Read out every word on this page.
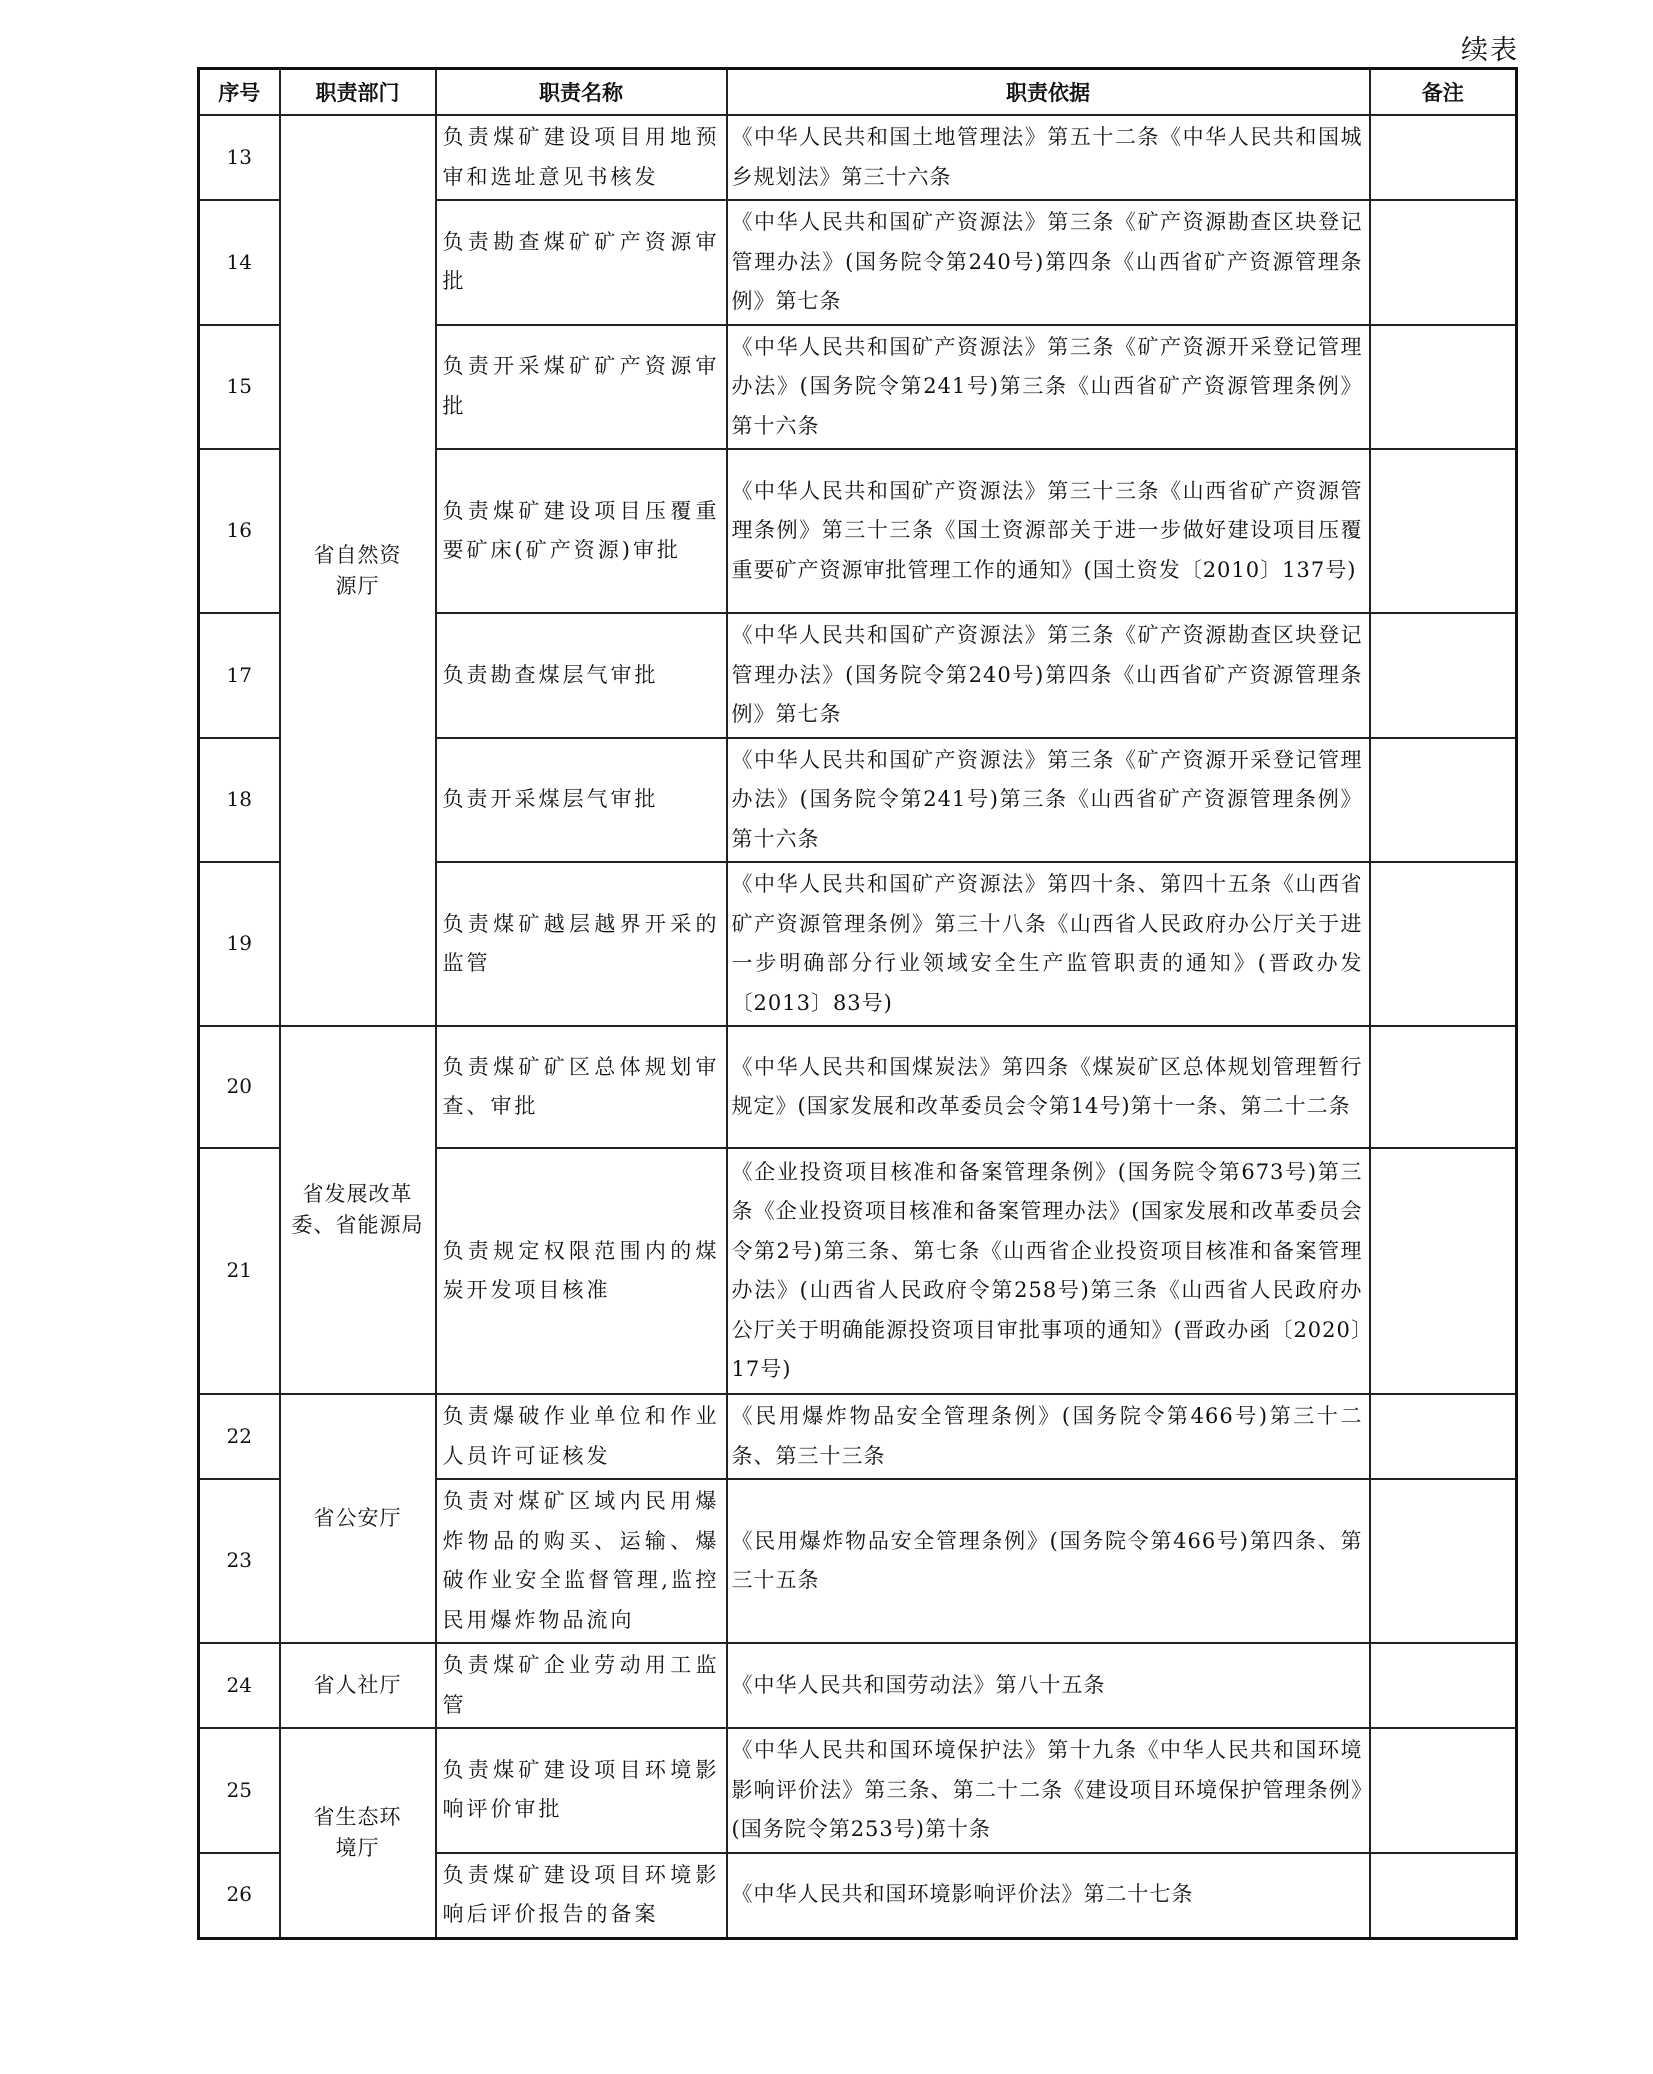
续表
序号	职责部门	职责名称	职责依据	备注
13	省自然资源厅	负责煤矿建设项目用地预审和选址意见书核发	《中华人民共和国土地管理法》第五十二条《中华人民共和国城乡规划法》第三十六条	
14		负责勘查煤矿矿产资源审批	《中华人民共和国矿产资源法》第三条《矿产资源勘查区块登记管理办法》(国务院令第240号)第四条《山西省矿产资源管理条例》第七条	
15		负责开采煤矿矿产资源审批	《中华人民共和国矿产资源法》第三条《矿产资源开采登记管理办法》(国务院令第241号)第三条《山西省矿产资源管理条例》第十六条	
16		负责煤矿建设项目压覆重要矿床(矿产资源)审批	《中华人民共和国矿产资源法》第三十三条《山西省矿产资源管理条例》第三十三条《国土资源部关于进一步做好建设项目压覆重要矿产资源审批管理工作的通知》(国土资发〔2010〕137号)	
17		负责勘查煤层气审批	《中华人民共和国矿产资源法》第三条《矿产资源勘查区块登记管理办法》(国务院令第240号)第四条《山西省矿产资源管理条例》第七条	
18		负责开采煤层气审批	《中华人民共和国矿产资源法》第三条《矿产资源开采登记管理办法》(国务院令第241号)第三条《山西省矿产资源管理条例》第十六条	
19		负责煤矿越层越界开采的监管	《中华人民共和国矿产资源法》第四十条、第四十五条《山西省矿产资源管理条例》第三十八条《山西省人民政府办公厅关于进一步明确部分行业领域安全生产监管职责的通知》(晋政办发〔2013〕83号)	
20	省发展改革委、省能源局	负责煤矿矿区总体规划审查、审批	《中华人民共和国煤炭法》第四条《煤炭矿区总体规划管理暂行规定》(国家发展和改革委员会令第14号)第十一条、第二十二条	
21		负责规定权限范围内的煤炭开发项目核准	《企业投资项目核准和备案管理条例》(国务院令第673号)第三条《企业投资项目核准和备案管理办法》(国家发展和改革委员会令第2号)第三条、第七条《山西省企业投资项目核准和备案管理办法》(山西省人民政府令第258号)第三条《山西省人民政府办公厅关于明确能源投资项目审批事项的通知》(晋政办函〔2020〕17号)	
22	省公安厅	负责爆破作业单位和作业人员许可证核发	《民用爆炸物品安全管理条例》(国务院令第466号)第三十二条、第三十三条	
23		负责对煤矿区域内民用爆炸物品的购买、运输、爆破作业安全监督管理,监控民用爆炸物品流向	《民用爆炸物品安全管理条例》(国务院令第466号)第四条、第三十五条	
24	省人社厅	负责煤矿企业劳动用工监管	《中华人民共和国劳动法》第八十五条	
25	省生态环境厅	负责煤矿建设项目环境影响评价审批	《中华人民共和国环境保护法》第十九条《中华人民共和国环境影响评价法》第三条、第二十二条《建设项目环境保护管理条例》(国务院令第253号)第十条	
26		负责煤矿建设项目环境影响后评价报告的备案	《中华人民共和国环境影响评价法》第二十七条	
